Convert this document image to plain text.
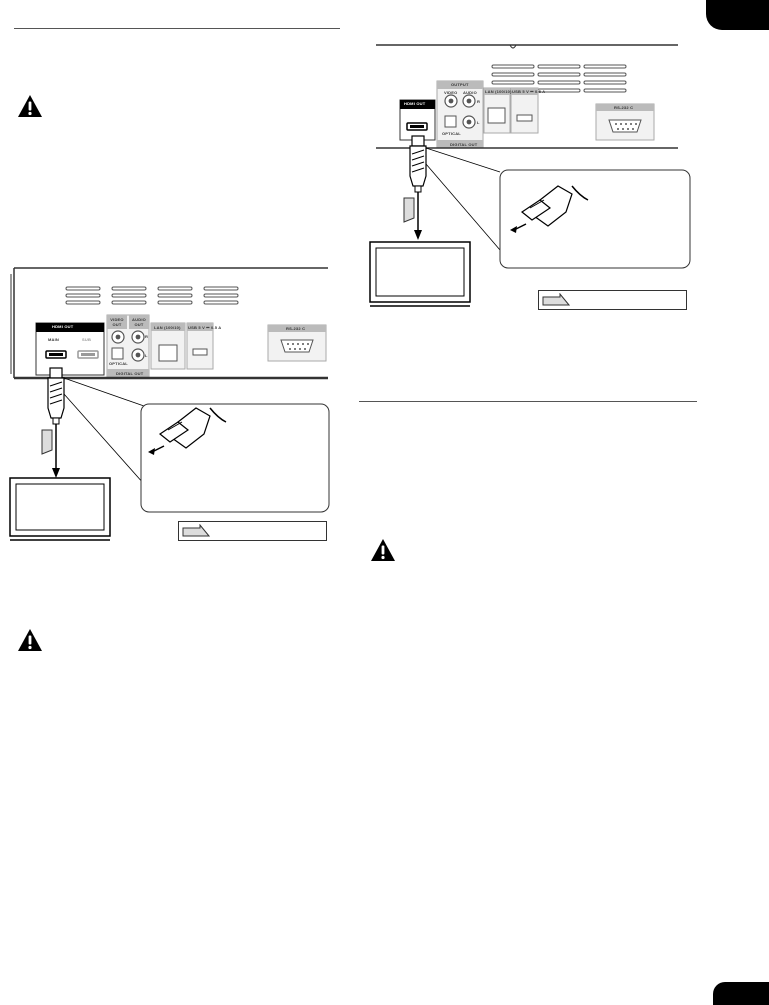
HDMI OUT
OUTPUT
VIDEO AUDIO
R
L
OPTICAL
DIGITAL OUT
LAN (100/10) USB 5 V ⎓ 0.5 A
RS-232 C
HDMI OUT
MAIN	SUB
VIDEO OUT
AUDIO OUT
R
L
OPTICAL
DIGITAL OUT
LAN (100/10) USB 5 V ⎓ 0.5 A	RS-232 C
